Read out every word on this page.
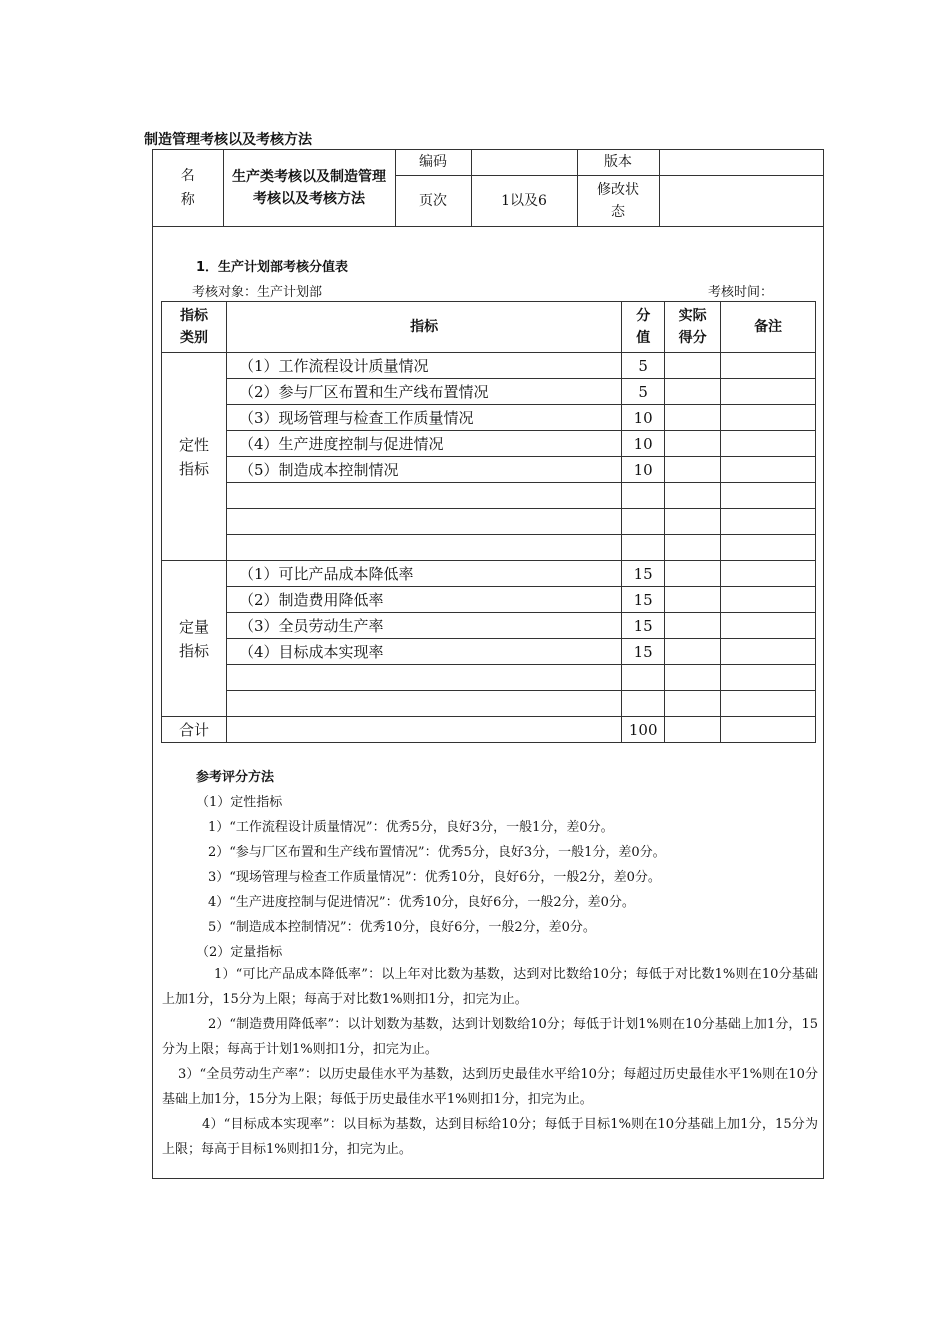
制造管理考核以及考核方法
名称	生产类考核以及制造管理考核以及考核方法	编码		版本	
		页次	1以及6	修改状态	
1．生产计划部考核分值表
考核对象：生产计划部	考核时间：
指标类别	指标	分值	实际得分	备注
定性指标	（1）工作流程设计质量情况	5		
	（2）参与厂区布置和生产线布置情况	5		
	（3）现场管理与检查工作质量情况	10		
	（4）生产进度控制与促进情况	10		
	（5）制造成本控制情况	10		

定量指标	（1）可比产品成本降低率	15		
	（2）制造费用降低率	15		
	（3）全员劳动生产率	15		
	（4）目标成本实现率	15		

合计		100		
参考评分方法
（1）定性指标
1）“工作流程设计质量情况”：优秀5分，良好3分，一般1分，差0分。
2）“参与厂区布置和生产线布置情况”：优秀5分，良好3分，一般1分，差0分。
3）“现场管理与检查工作质量情况”：优秀10分，良好6分，一般2分，差0分。
4）“生产进度控制与促进情况”：优秀10分，良好6分，一般2分，差0分。
5）“制造成本控制情况”：优秀10分，良好6分，一般2分，差0分。
（2）定量指标
1）“可比产品成本降低率”：以上年对比数为基数，达到对比数给10分；每低于对比数1%则在10分基础上加1分，15分为上限；每高于对比数1%则扣1分，扣完为止。
2）“制造费用降低率”：以计划数为基数，达到计划数给10分；每低于计划1%则在10分基础上加1分，15分为上限；每高于计划1%则扣1分，扣完为止。
3）“全员劳动生产率”：以历史最佳水平为基数，达到历史最佳水平给10分；每超过历史最佳水平1%则在10分基础上加1分，15分为上限；每低于历史最佳水平1%则扣1分，扣完为止。
4）“目标成本实现率”：以目标为基数，达到目标给10分；每低于目标1%则在10分基础上加1分，15分为上限；每高于目标1%则扣1分，扣完为止。
